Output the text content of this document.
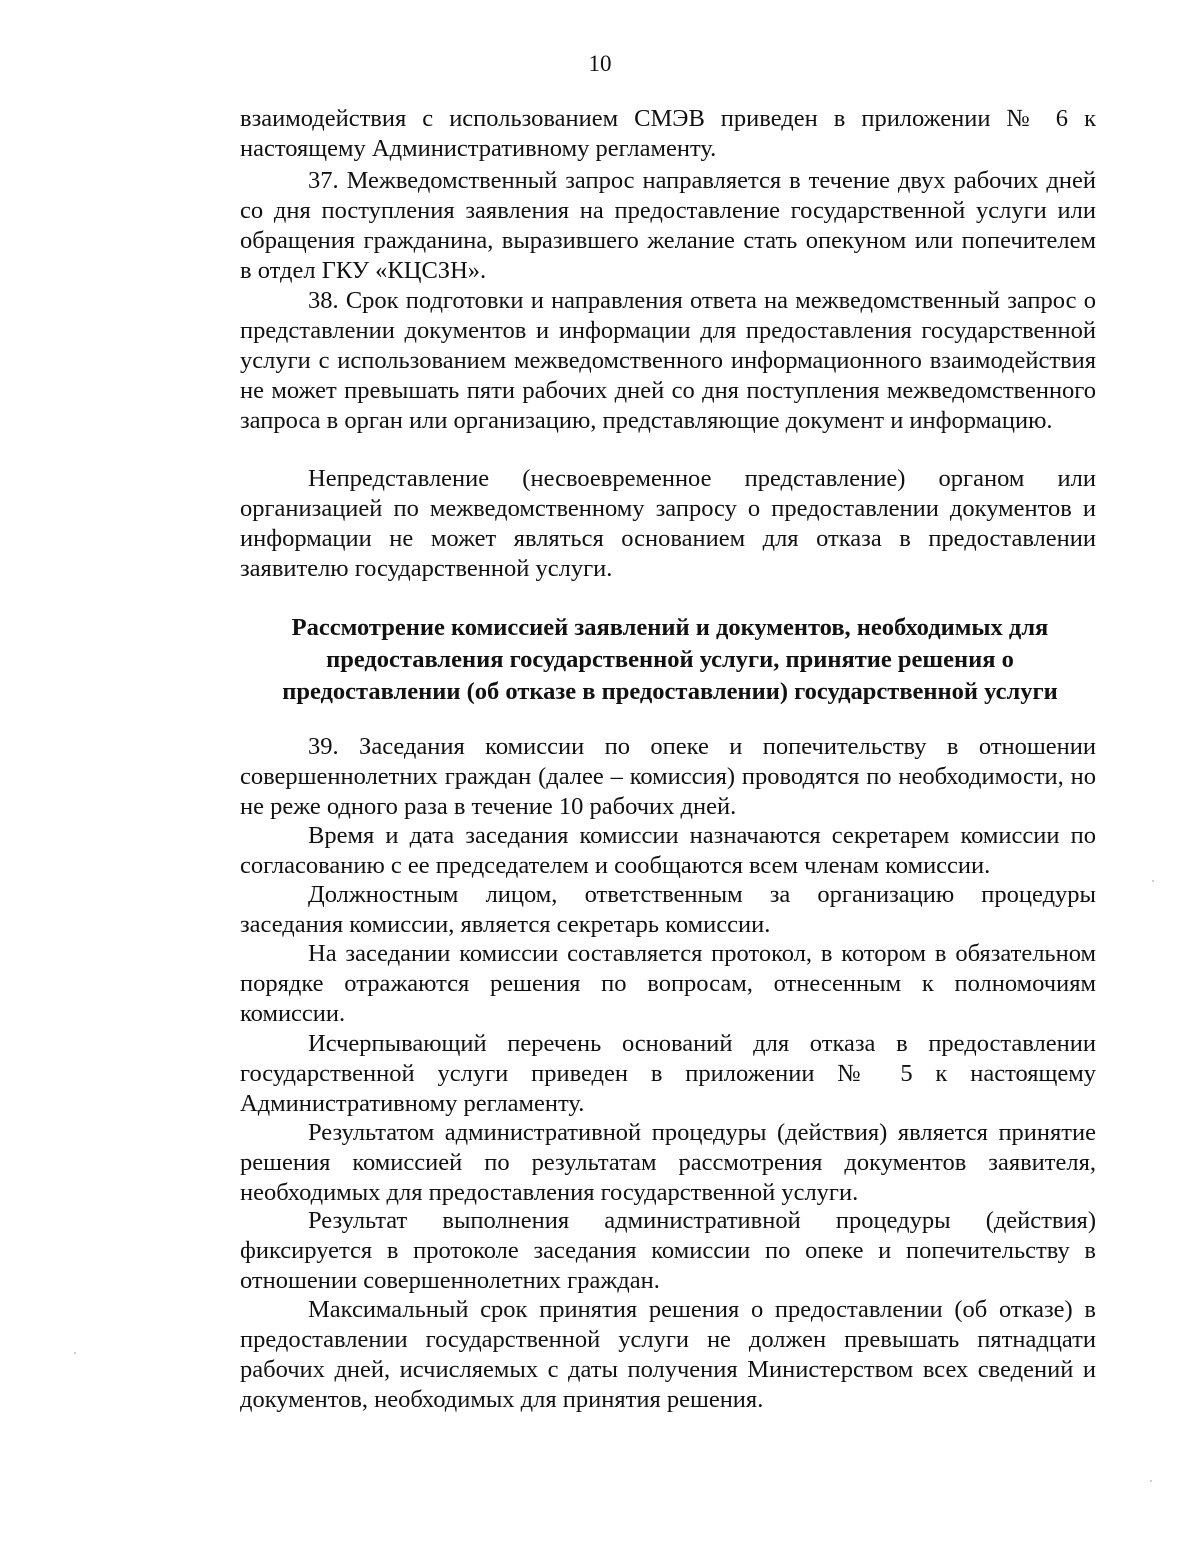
10

взаимодействия с использованием СМЭВ приведен в приложении № 6 к настоящему Административному регламенту.

37. Межведомственный запрос направляется в течение двух рабочих дней со дня поступления заявления на предоставление государственной услуги или обращения гражданина, выразившего желание стать опекуном или попечителем в отдел ГКУ «КЦСЗН».

38. Срок подготовки и направления ответа на межведомственный запрос о представлении документов и информации для предоставления государственной услуги с использованием межведомственного информационного взаимодействия не может превышать пяти рабочих дней со дня поступления межведомственного запроса в орган или организацию, представляющие документ и информацию.

Непредставление (несвоевременное представление) органом или организацией по межведомственному запросу о предоставлении документов и информации не может являться основанием для отказа в предоставлении заявителю государственной услуги.

Рассмотрение комиссией заявлений и документов, необходимых для предоставления государственной услуги, принятие решения о предоставлении (об отказе в предоставлении) государственной услуги

39. Заседания комиссии по опеке и попечительству в отношении совершеннолетних граждан (далее – комиссия) проводятся по необходимости, но не реже одного раза в течение 10 рабочих дней.

Время и дата заседания комиссии назначаются секретарем комиссии по согласованию с ее председателем и сообщаются всем членам комиссии.

Должностным лицом, ответственным за организацию процедуры заседания комиссии, является секретарь комиссии.

На заседании комиссии составляется протокол, в котором в обязательном порядке отражаются решения по вопросам, отнесенным к полномочиям комиссии.

Исчерпывающий перечень оснований для отказа в предоставлении государственной услуги приведен в приложении № 5 к настоящему Административному регламенту.

Результатом административной процедуры (действия) является принятие решения комиссией по результатам рассмотрения документов заявителя, необходимых для предоставления государственной услуги.

Результат выполнения административной процедуры (действия) фиксируется в протоколе заседания комиссии по опеке и попечительству в отношении совершеннолетних граждан.

Максимальный срок принятия решения о предоставлении (об отказе) в предоставлении государственной услуги не должен превышать пятнадцати рабочих дней, исчисляемых с даты получения Министерством всех сведений и документов, необходимых для принятия решения.
